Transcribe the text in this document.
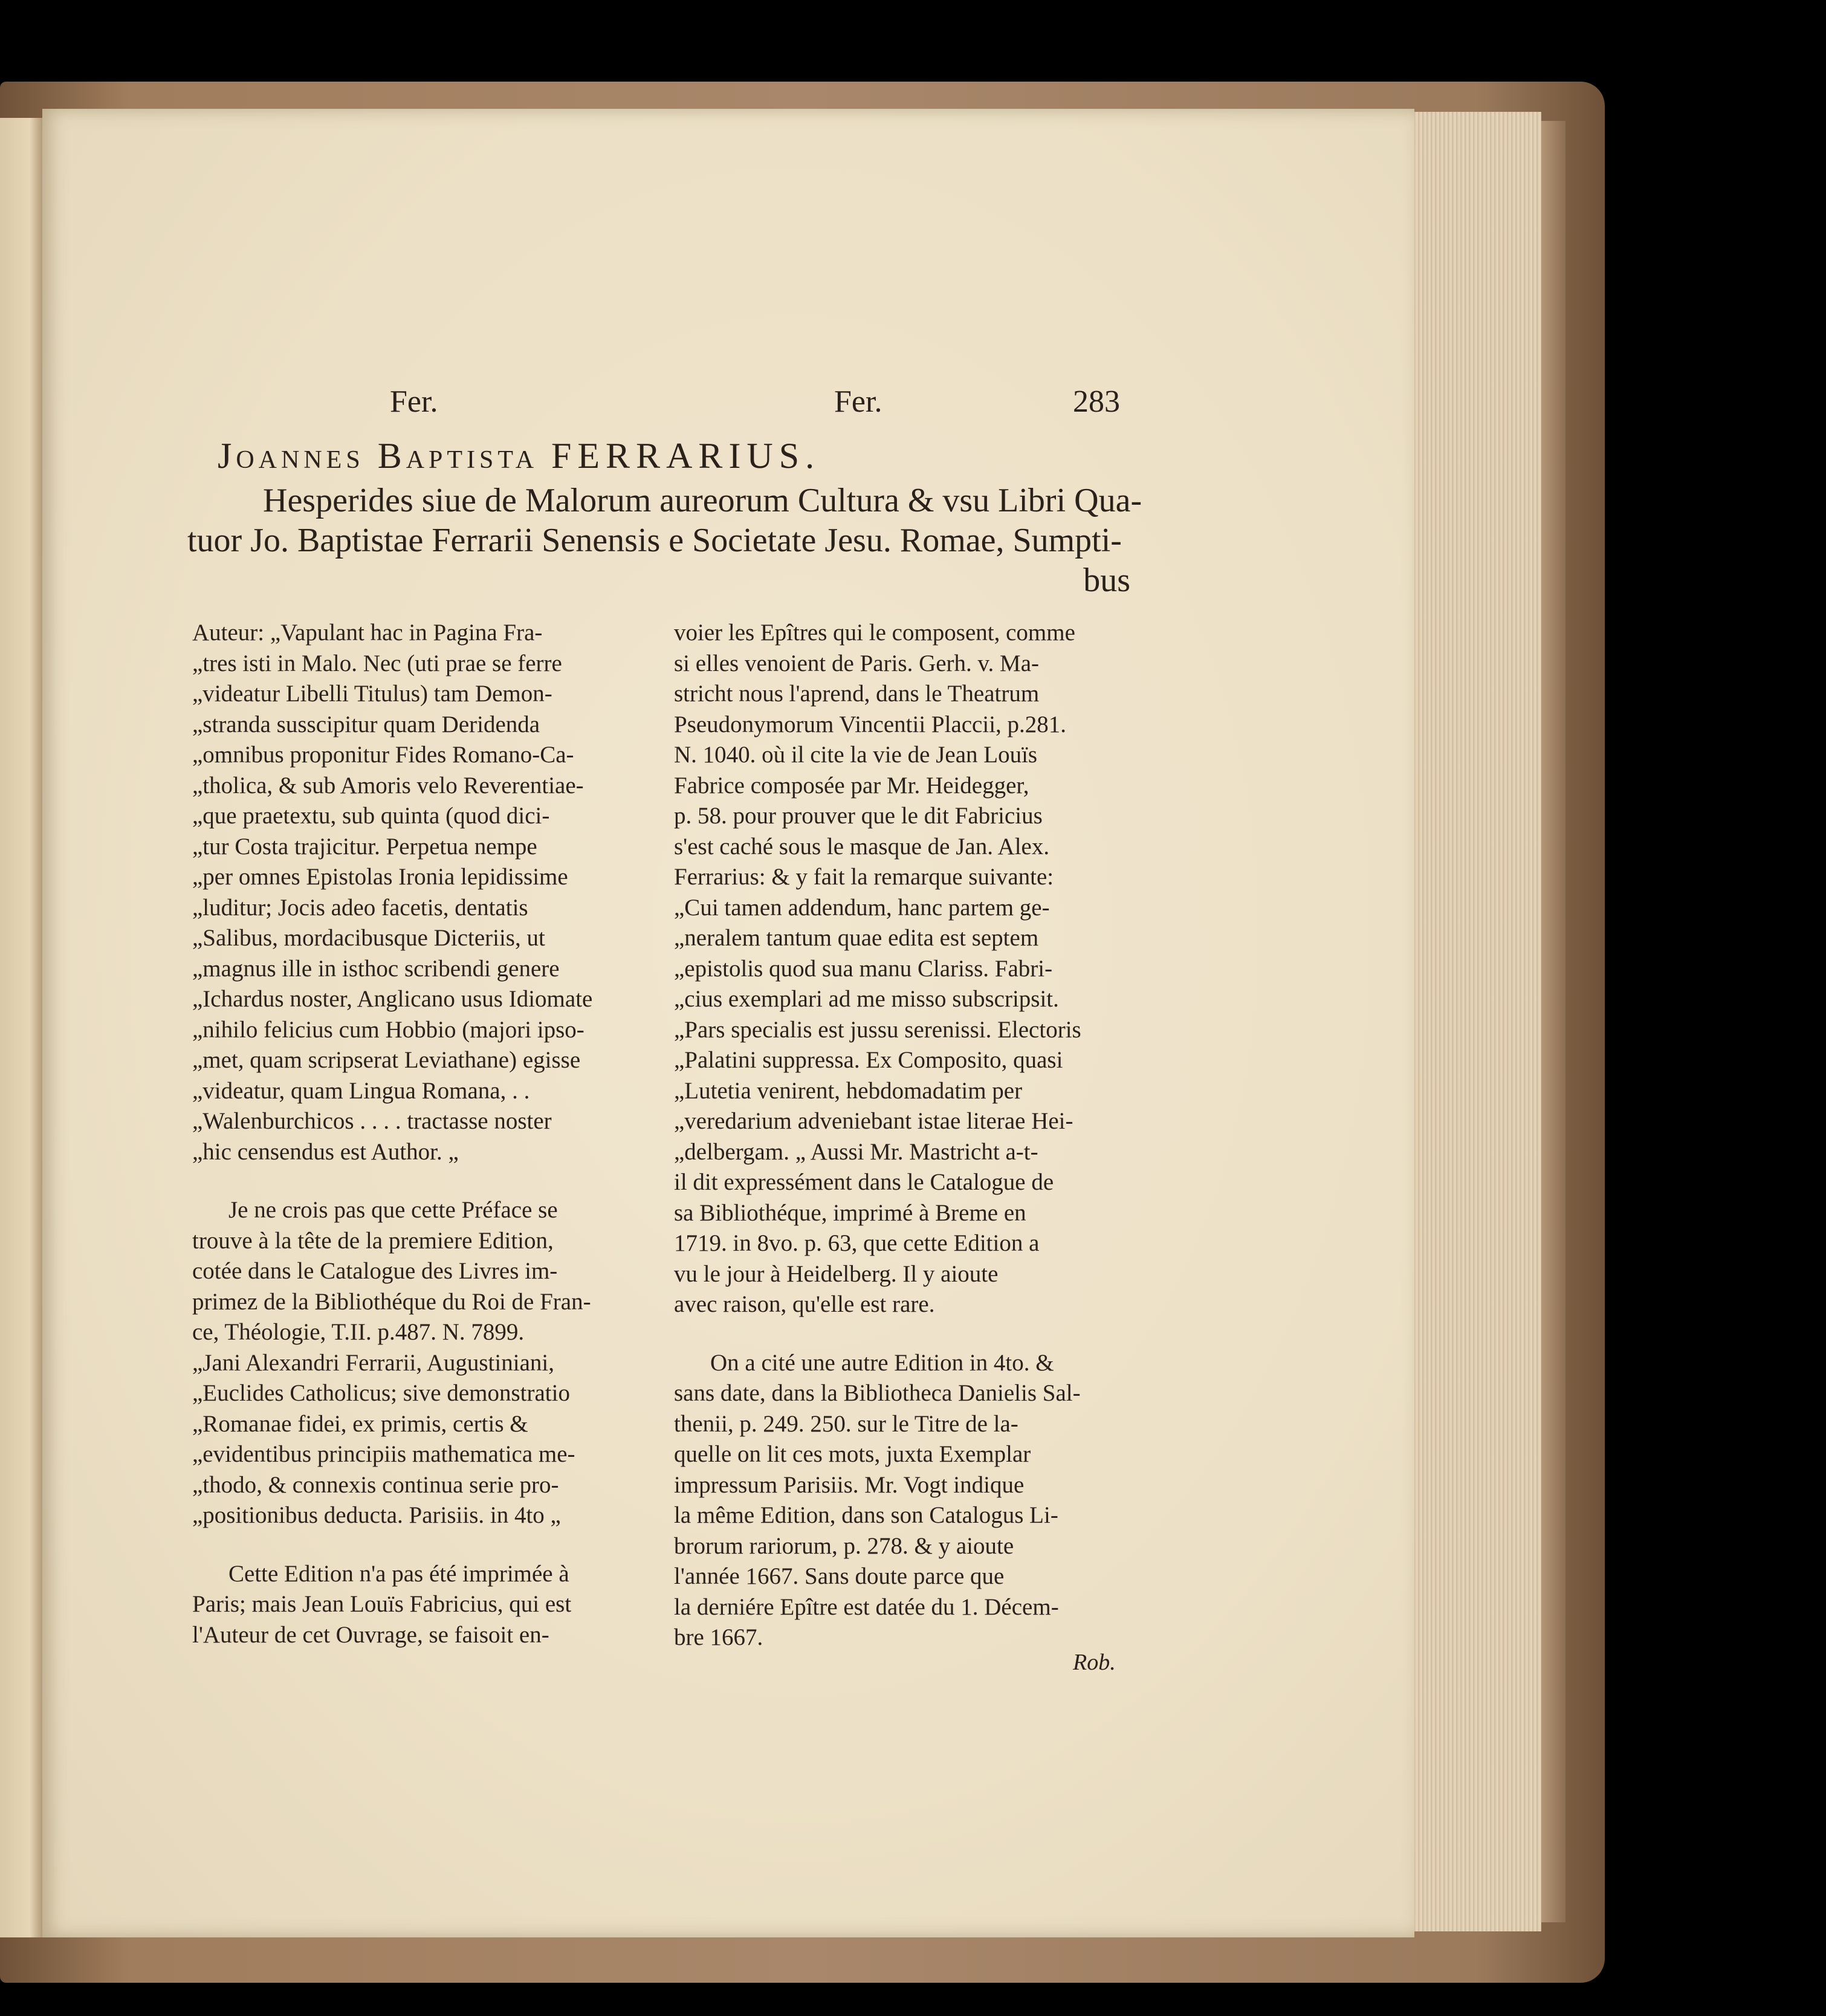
Fer.	Fer.	283
Joannes Baptista FERRARIUS.
Hesperides siue de Malorum aureorum Cultura & vsu Libri Qua-
tuor Jo. Baptistae Ferrarii Senensis e Societate Jesu. Romae, Sumpti-
bus
Auteur: „Vapulant hac in Pagina Fra-
„tres isti in Malo. Nec (uti prae se ferre
„videatur Libelli Titulus) tam Demon-
„stranda susscipitur quam Deridenda
„omnibus proponitur Fides Romano-Ca-
„tholica, & sub Amoris velo Reverentiae-
„que praetextu, sub quinta (quod dici-
„tur Costa trajicitur. Perpetua nempe
„per omnes Epistolas Ironia lepidissime
„luditur; Jocis adeo facetis, dentatis
„Salibus, mordacibusque Dicteriis, ut
„magnus ille in isthoc scribendi genere
„Ichardus noster, Anglicano usus Idiomate
„nihilo felicius cum Hobbio (majori ipso-
„met, quam scripserat Leviathane) egisse
„videatur, quam Lingua Romana, . .
„Walenburchicos . . . . tractasse noster
„hic censendus est Author. „
Je ne crois pas que cette Préface se
trouve à la tête de la premiere Edition,
cotée dans le Catalogue des Livres im-
primez de la Bibliothéque du Roi de Fran-
ce, Théologie, T.II. p.487. N. 7899.
„Jani Alexandri Ferrarii, Augustiniani,
„Euclides Catholicus; sive demonstratio
„Romanae fidei, ex primis, certis &
„evidentibus principiis mathematica me-
„thodo, & connexis continua serie pro-
„positionibus deducta. Parisiis. in 4to „
Cette Edition n'a pas été imprimée à
Paris; mais Jean Louïs Fabricius, qui est
l'Auteur de cet Ouvrage, se faisoit en-
voier les Epîtres qui le composent, comme
si elles venoient de Paris. Gerh. v. Ma-
stricht nous l'aprend, dans le Theatrum
Pseudonymorum Vincentii Placcii, p.281.
N. 1040. où il cite la vie de Jean Louïs
Fabrice composée par Mr. Heidegger,
p. 58. pour prouver que le dit Fabricius
s'est caché sous le masque de Jan. Alex.
Ferrarius: & y fait la remarque suivante:
„Cui tamen addendum, hanc partem ge-
„neralem tantum quae edita est septem
„epistolis quod sua manu Clariss. Fabri-
„cius exemplari ad me misso subscripsit.
„Pars specialis est jussu serenissi. Electoris
„Palatini suppressa. Ex Composito, quasi
„Lutetia venirent, hebdomadatim per
„veredarium adveniebant istae literae Hei-
„delbergam. „ Aussi Mr. Mastricht a-t-
il dit expressément dans le Catalogue de
sa Bibliothéque, imprimé à Breme en
1719. in 8vo. p. 63, que cette Edition a
vu le jour à Heidelberg. Il y aioute
avec raison, qu'elle est rare.
On a cité une autre Edition in 4to. &
sans date, dans la Bibliotheca Danielis Sal-
thenii, p. 249. 250. sur le Titre de la-
quelle on lit ces mots, juxta Exemplar
impressum Parisiis. Mr. Vogt indique
la même Edition, dans son Catalogus Li-
brorum rariorum, p. 278. & y aioute
l'année 1667. Sans doute parce que
la derniére Epître est datée du 1. Décem-
bre 1667.
Rob.
